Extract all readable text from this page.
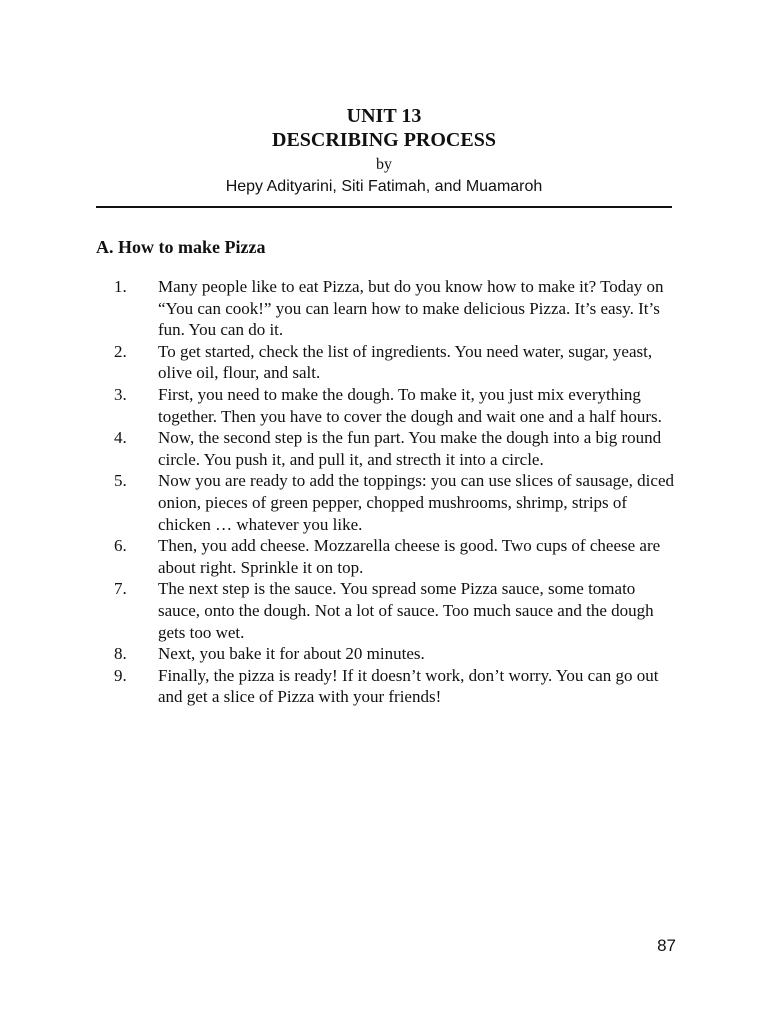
UNIT 13
DESCRIBING PROCESS
by
Hepy Adityarini, Siti Fatimah, and Muamaroh
A. How to make Pizza
1.	Many people like to eat Pizza, but do you know how to make it? Today on “You can cook!” you can learn how to make delicious Pizza. It’s easy. It’s fun. You can do it.
2.	To get started, check the list of ingredients. You need water, sugar, yeast, olive oil, flour, and salt.
3.	First, you need to make the dough. To make it, you just mix everything together. Then you have to cover the dough and wait one and a half hours.
4.	Now, the second step is the fun part. You make the dough into a big round circle. You push it, and pull it, and strecth it into a circle.
5.	Now you are ready to add the toppings: you can use slices of sausage, diced onion, pieces of green pepper, chopped mushrooms, shrimp, strips of chicken … whatever you like.
6.	Then, you add cheese. Mozzarella cheese is good. Two cups of cheese are about right. Sprinkle it on top.
7.	The next step is the sauce. You spread some Pizza sauce, some tomato sauce, onto the dough. Not a lot of sauce. Too much sauce and the dough gets too wet.
8.	Next, you bake it for about 20 minutes.
9.	Finally, the pizza is ready! If it doesn’t work, don’t worry. You can go out and get a slice of Pizza with your friends!
87
